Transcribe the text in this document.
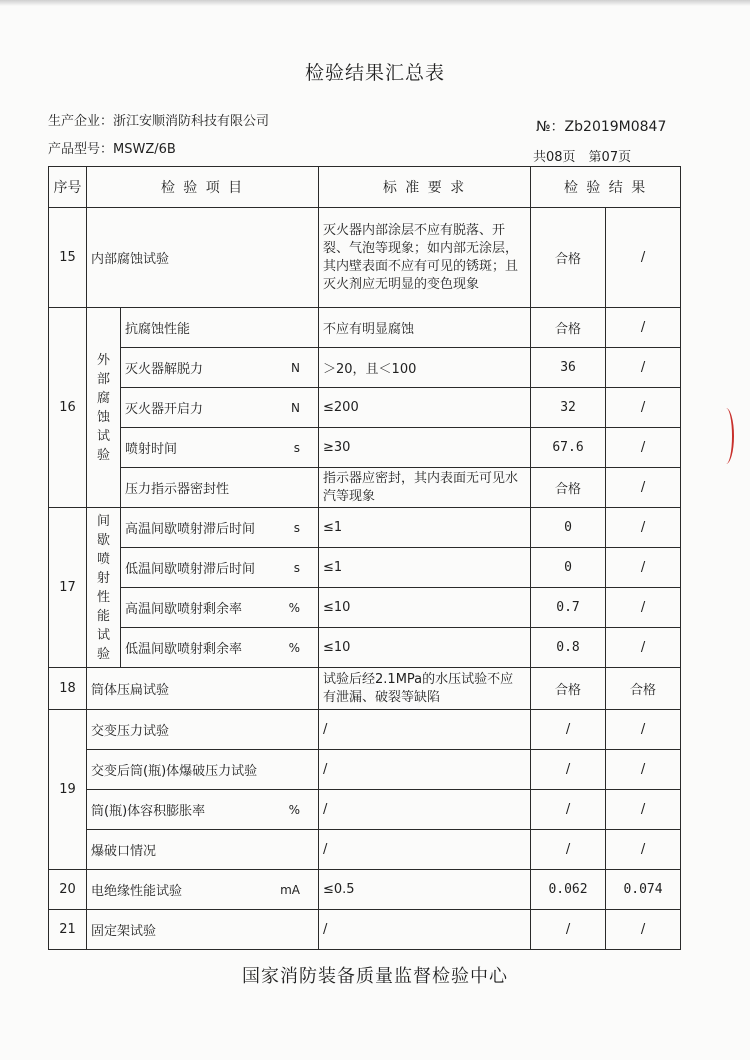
检验结果汇总表
生产企业：浙江安顺消防科技有限公司
产品型号：MSWZ/6B
№：Zb2019M0847
共08页　第07页
序号	检 验 项 目		标 准 要 求	检 验 结 果	
15	内部腐蚀试验		灭火器内部涂层不应有脱落、开裂、气泡等现象；如内部无涂层，其内壁表面不应有可见的锈斑；且灭火剂应无明显的变色现象	合格	/
16	外部腐蚀试验	抗腐蚀性能	不应有明显腐蚀	合格	/

		灭火器解脱力 N	＞20，且＜100	36	/

		灭火器开启力 N	≤200	32	/

		喷射时间 s	≥30	67.6	/

		压力指示器密封性	指示器应密封，其内表面无可见水汽等现象	合格	/
17	间歇喷射性能试验	高温间歇喷射滞后时间 s	≤1	0	/

		低温间歇喷射滞后时间 s	≤1	0	/

		高温间歇喷射剩余率 %	≤10	0.7	/

		低温间歇喷射剩余率 %	≤10	0.8	/
18	筒体压扁试验		试验后经2.1MPa的水压试验不应有泄漏、破裂等缺陷	合格	合格
19	交变压力试验		/	/	/

	交变后筒(瓶)体爆破压力试验		/	/	/

	筒(瓶)体容积膨胀率 %		/	/	/

	爆破口情况		/	/	/
20	电绝缘性能试验 mA		≤0.5	0.062	0.074
21	固定架试验		/	/	/
国家消防装备质量监督检验中心
